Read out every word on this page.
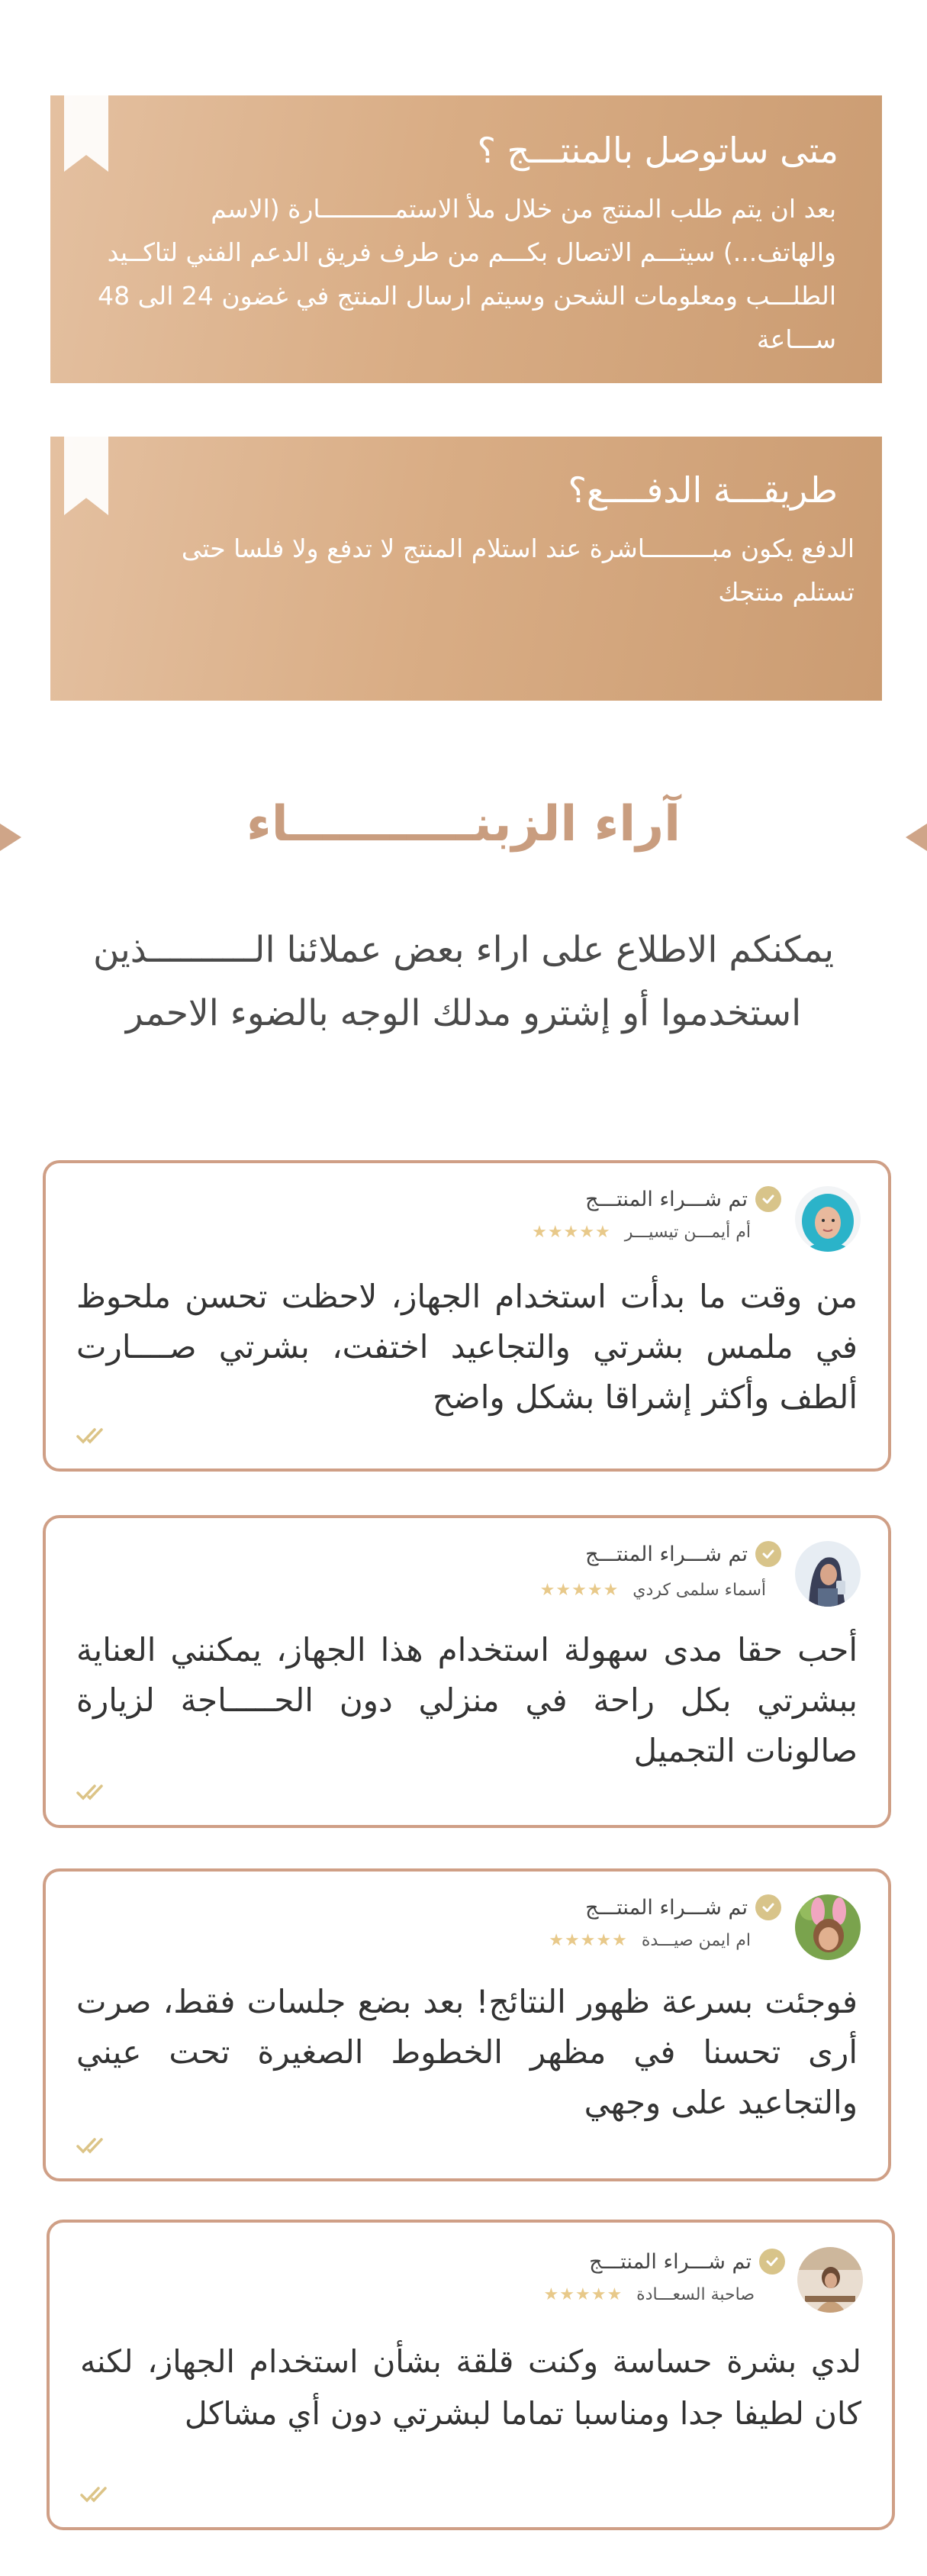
متى ساتوصل بالمنتـــج ؟
بعد ان يتم طلب المنتج من خلال ملأ الاستمــــــــــارة (الاسم والهاتف...) سيتـــم الاتصال بكـــم من طرف فريق الدعم الفني لتاكــيد الطلـــب ومعلومات الشحن وسيتم ارسال المنتج في غضون 24 الى 48 ســـاعة
طريقـــة الدفــــع؟
الدفع يكون مبـــــــــاشرة عند استلام المنتج لا تدفع ولا فلسا حتى تستلم منتجك
آراء الزبنـــــــــــاء
يمكنكم الاطلاع على اراء بعض عملائنا الــــــــــذين استخدموا أو إشترو مدلك الوجه بالضوء الاحمر
تم شـــراء المنتـــج
أم أيمـــن تيسيـــر
★★★★★
من وقت ما بدأت استخدام الجهاز، لاحظت تحسن ملحوظ في ملمس بشرتي والتجاعيد اختفت، بشرتي صــــارت ألطف وأكثر إشراقا بشكل واضح
تم شـــراء المنتـــج
أسماء سلمى كردي
★★★★★
أحب حقا مدى سهولة استخدام هذا الجهاز، يمكنني العناية ببشرتي بكل راحة في منزلي دون الحـــــاجة لزيارة صالونات التجميل
تم شـــراء المنتـــج
ام ايمن صيـــدة
★★★★★
فوجئت بسرعة ظهور النتائج! بعد بضع جلسات فقط، صرت أرى تحسنا في مظهر الخطوط الصغيرة تحت عيني والتجاعيد على وجهي
تم شـــراء المنتـــج
صاحبة السعـــادة
★★★★★
لدي بشرة حساسة وكنت قلقة بشأن استخدام الجهاز، لكنه كان لطيفا جدا ومناسبا تماما لبشرتي دون أي مشاكل
